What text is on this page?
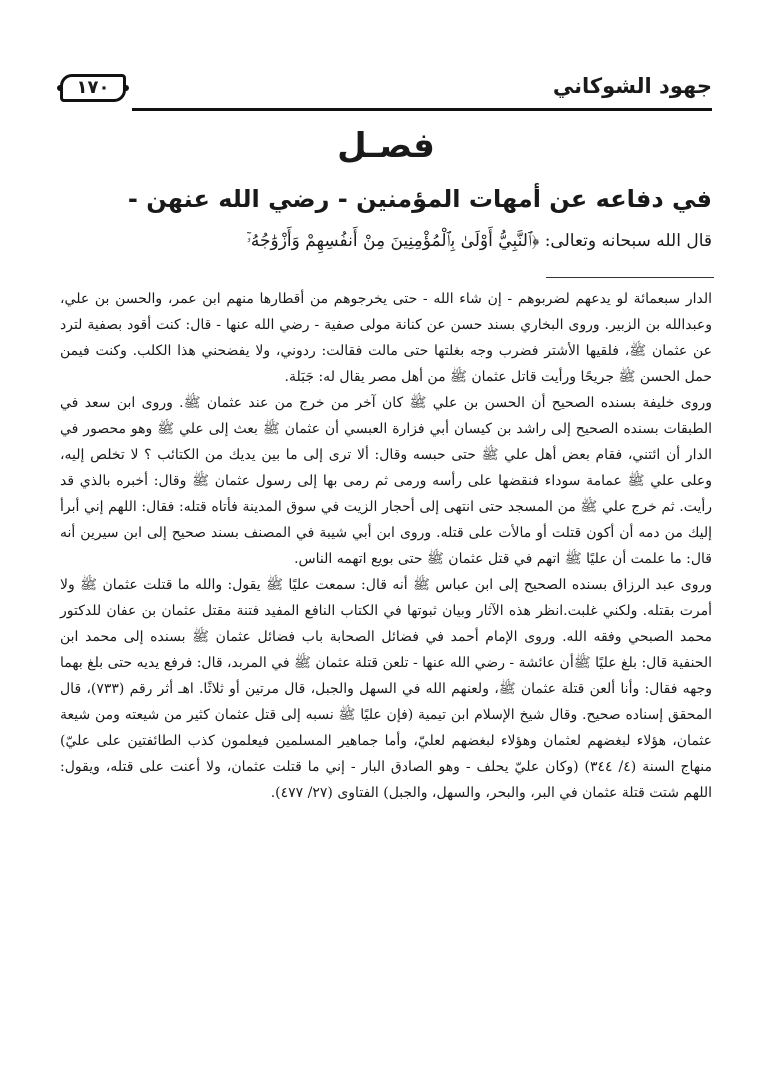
جهود الشوكاني
١٧٠
فصـل
في دفاعه عن أمهات المؤمنين - رضي الله عنهن -
قال الله سبحانه وتعالى: ﴿ٱلنَّبِيُّ أَوْلَىٰ بِٱلْمُؤْمِنِينَ مِنْ أَنفُسِهِمْ وَأَزْوَٰجُهُۥٓ

الدار سبعمائة لو يدعهم لضربوهم - إن شاء الله - حتى يخرجوهم من أقطارها منهم ابن عمر، والحسن بن علي، وعبدالله بن الزبير. وروى البخاري بسند حسن عن كنانة مولى صفية - رضي الله عنها - قال: كنت أقود بصفية لترد عن عثمان ﷺ، فلقيها الأشتر فضرب وجه بغلتها حتى مالت فقالت: ردوني، ولا يفضحني هذا الكلب. وكنت فيمن حمل الحسن ﷺ جريحًا ورأيت قاتل عثمان ﷺ من أهل مصر يقال له: جَبَلة.

وروى خليفة بسنده الصحيح أن الحسن بن علي ﷺ كان آخر من خرج من عند عثمان ﷺ. وروى ابن سعد في الطبقات بسنده الصحيح إلى راشد بن كيسان أبي فزارة العبسي أن عثمان ﷺ بعث إلى علي ﷺ وهو محصور في الدار أن ائتني، فقام بعض أهل علي ﷺ حتى حبسه وقال: ألا ترى إلى ما بين يديك من الكتائب ؟ لا تخلص إليه، وعلى علي ﷺ عمامة سوداء فنقضها على رأسه ورمى ثم رمى بها إلى رسول عثمان ﷺ وقال: أخبره بالذي قد رأيت. ثم خرج علي ﷺ من المسجد حتى انتهى إلى أحجار الزيت في سوق المدينة فأتاه قتله: فقال: اللهم إني أبرأ إليك من دمه أن أكون قتلت أو مالأت على قتله. وروى ابن أبي شيبة في المصنف بسند صحيح إلى ابن سيرين أنه قال: ما علمت أن عليًا ﷺ اتهم في قتل عثمان ﷺ حتى بويع اتهمه الناس.

وروى عبد الرزاق بسنده الصحيح إلى ابن عباس ﷺ أنه قال: سمعت عليًا ﷺ يقول: والله ما قتلت عثمان ﷺ ولا أمرت بقتله. ولكني غلبت.انظر هذه الآثار وبيان ثبوتها في الكتاب النافع المفيد فتنة مقتل عثمان بن عفان للدكتور محمد الصبحي وفقه الله. وروى الإمام أحمد في فضائل الصحابة باب فضائل عثمان ﷺ بسنده إلى محمد ابن الحنفية قال: بلغ عليًا ﷺأن عائشة - رضي الله عنها - تلعن قتلة عثمان ﷺ في المربد، قال: فرفع يديه حتى بلغ بهما وجهه فقال: وأنا ألعن قتلة عثمان ﷺ، ولعنهم الله في السهل والجبل، قال مرتين أو ثلاثًا. اهـ أثر رقم (٧٣٣)، قال المحقق إسناده صحيح. وقال شيخ الإسلام ابن تيمية (فإن عليًا ﷺ نسبه إلى قتل عثمان كثير من شيعته ومن شيعة عثمان، هؤلاء لبغضهم لعثمان وهؤلاء لبغضهم لعليّ، وأما جماهير المسلمين فيعلمون كذب الطائفتين على عليّ) منهاج السنة (٤/ ٣٤٤) (وكان عليّ يحلف - وهو الصادق البار - إني ما قتلت عثمان، ولا أعنت على قتله، ويقول: اللهم شتت قتلة عثمان في البر، والبحر، والسهل، والجبل) الفتاوى (٢٧/ ٤٧٧).
